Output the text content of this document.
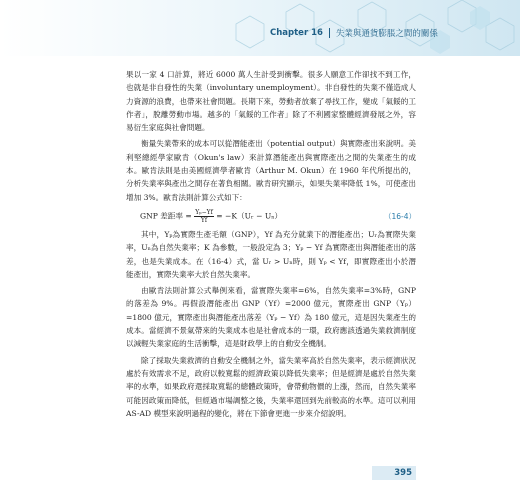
Chapter 16 失業與通貨膨脹之間的關係

果以一家 4 口計算，將近 6000 萬人生計受到衝擊。很多人願意工作卻找不到工作，也就是非自發性的失業（involuntary unemployment）。非自發性的失業不僅造成人力資源的浪費，也帶來社會問題。長期下來，勞動者放棄了尋找工作，變成「氣餒的工作者」，脫離勞動市場。越多的「氣餒的工作者」除了不利國家整體經濟發展之外，容易衍生家庭與社會問題。

衡量失業帶來的成本可以從潛能產出（potential output）與實際產出來說明。美利堅總經學家歐肯（Okun's law）來計算潛能產出與實際產出之間的失業產生的成本。歐肯法則是由美國經濟學者歐肯（Arthur M. Okun）在 1960 年代所提出的，分析失業率與產出之間存在著負相關。歐肯研究顯示，如果失業率降低 1%，可使產出增加 3%。歐肯法則計算公式如下：

GNP 差距率 = $\frac{\text{Yₚ−Yf}}{Yf}$ = −K（Uᵣ − Uₙ）	（16-4）

其中，Yₚ為實際生產毛額（GNP），Yf 為充分就業下的潛能產出；Uᵣ為實際失業率，Uₙ為自然失業率；K 為參數，一般設定為 3；Yₚ − Yf 為實際產出與潛能產出的落差，也是失業成本。在（16-4）式，當 Uᵣ > Uₙ時，則 Yₚ < Yf，即實際產出小於潛能產出，實際失業率大於自然失業率。

由歐肯法則計算公式舉例來看，當實際失業率=6%，自然失業率=3%時，GNP 的落差為 9%。再假設潛能產出 GNP（Yf）=2000 億元，實際產出 GNP（Yₚ）=1800 億元，實際產出與潛能產出落差（Yₚ − Yf）為 180 億元，這是因失業產生的成本。當經濟不景氣帶來的失業成本也是社會成本的一環，政府應該透過失業救濟制度以減輕失業家庭的生活衝擊，這是財政學上的自動安全機制。

除了採取失業救濟的自動安全機制之外，當失業率高於自然失業率，表示經濟狀況處於有效需求不足，政府以較寬鬆的經濟政策以降低失業率；但是經濟是處於自然失業率的水準，如果政府還採取寬鬆的總體政策時，會帶動物價的上漲，然而，自然失業率可能因政策而降低，但經過市場調整之後，失業率還回到先前較高的水準。這可以利用 AS-AD 模型來說明過程的變化，將在下節會更進一步來介紹說明。

395
